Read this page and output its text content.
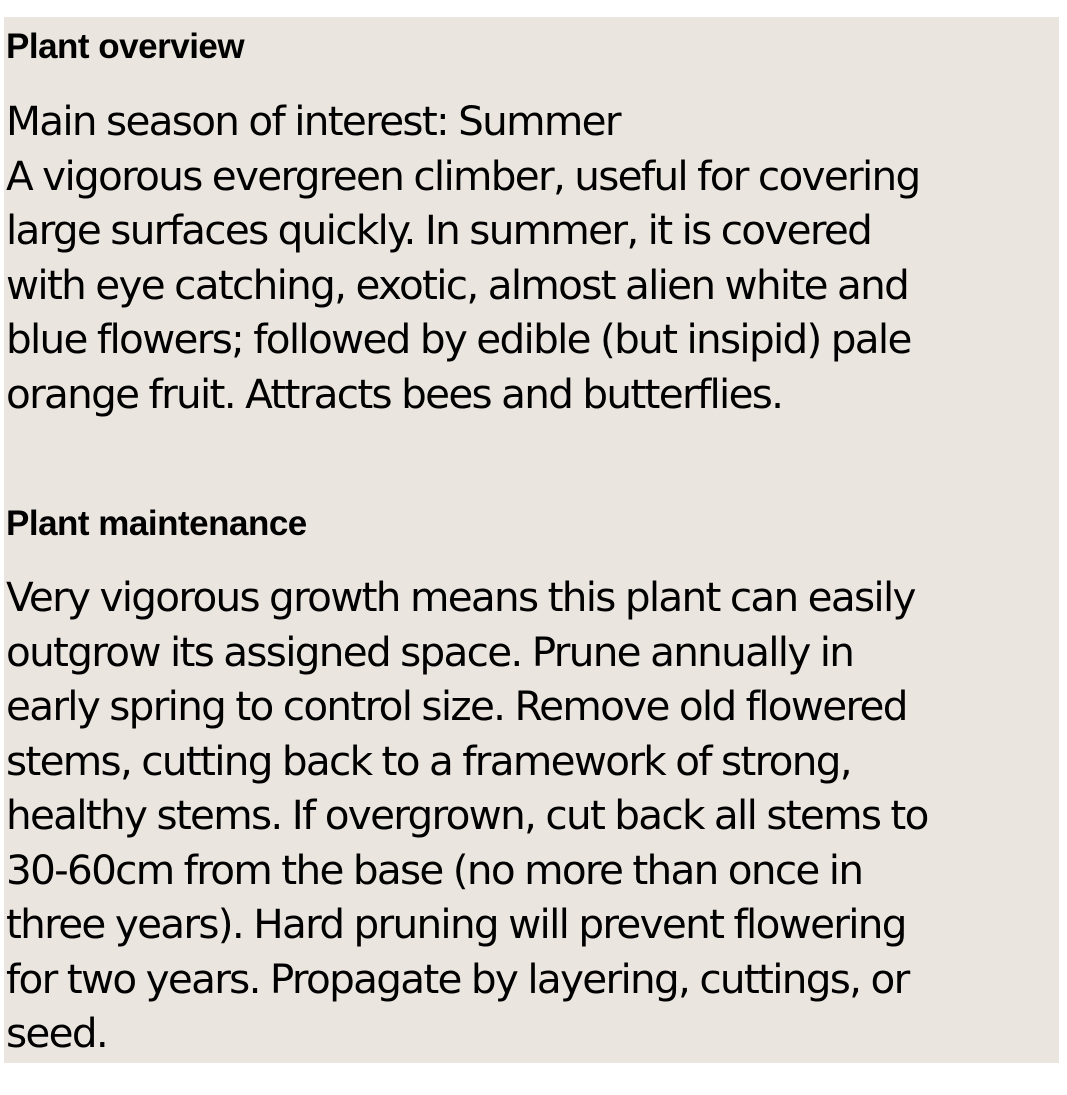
Plant overview
Main season of interest: Summer
A vigorous evergreen climber, useful for covering
large surfaces quickly. In summer, it is covered
with eye catching, exotic, almost alien white and
blue flowers; followed by edible (but insipid) pale
orange fruit. Attracts bees and butterflies.
Plant maintenance
Very vigorous growth means this plant can easily
outgrow its assigned space. Prune annually in
early spring to control size. Remove old flowered
stems, cutting back to a framework of strong,
healthy stems. If overgrown, cut back all stems to
30-60cm from the base (no more than once in
three years). Hard pruning will prevent flowering
for two years. Propagate by layering, cuttings, or
seed.
